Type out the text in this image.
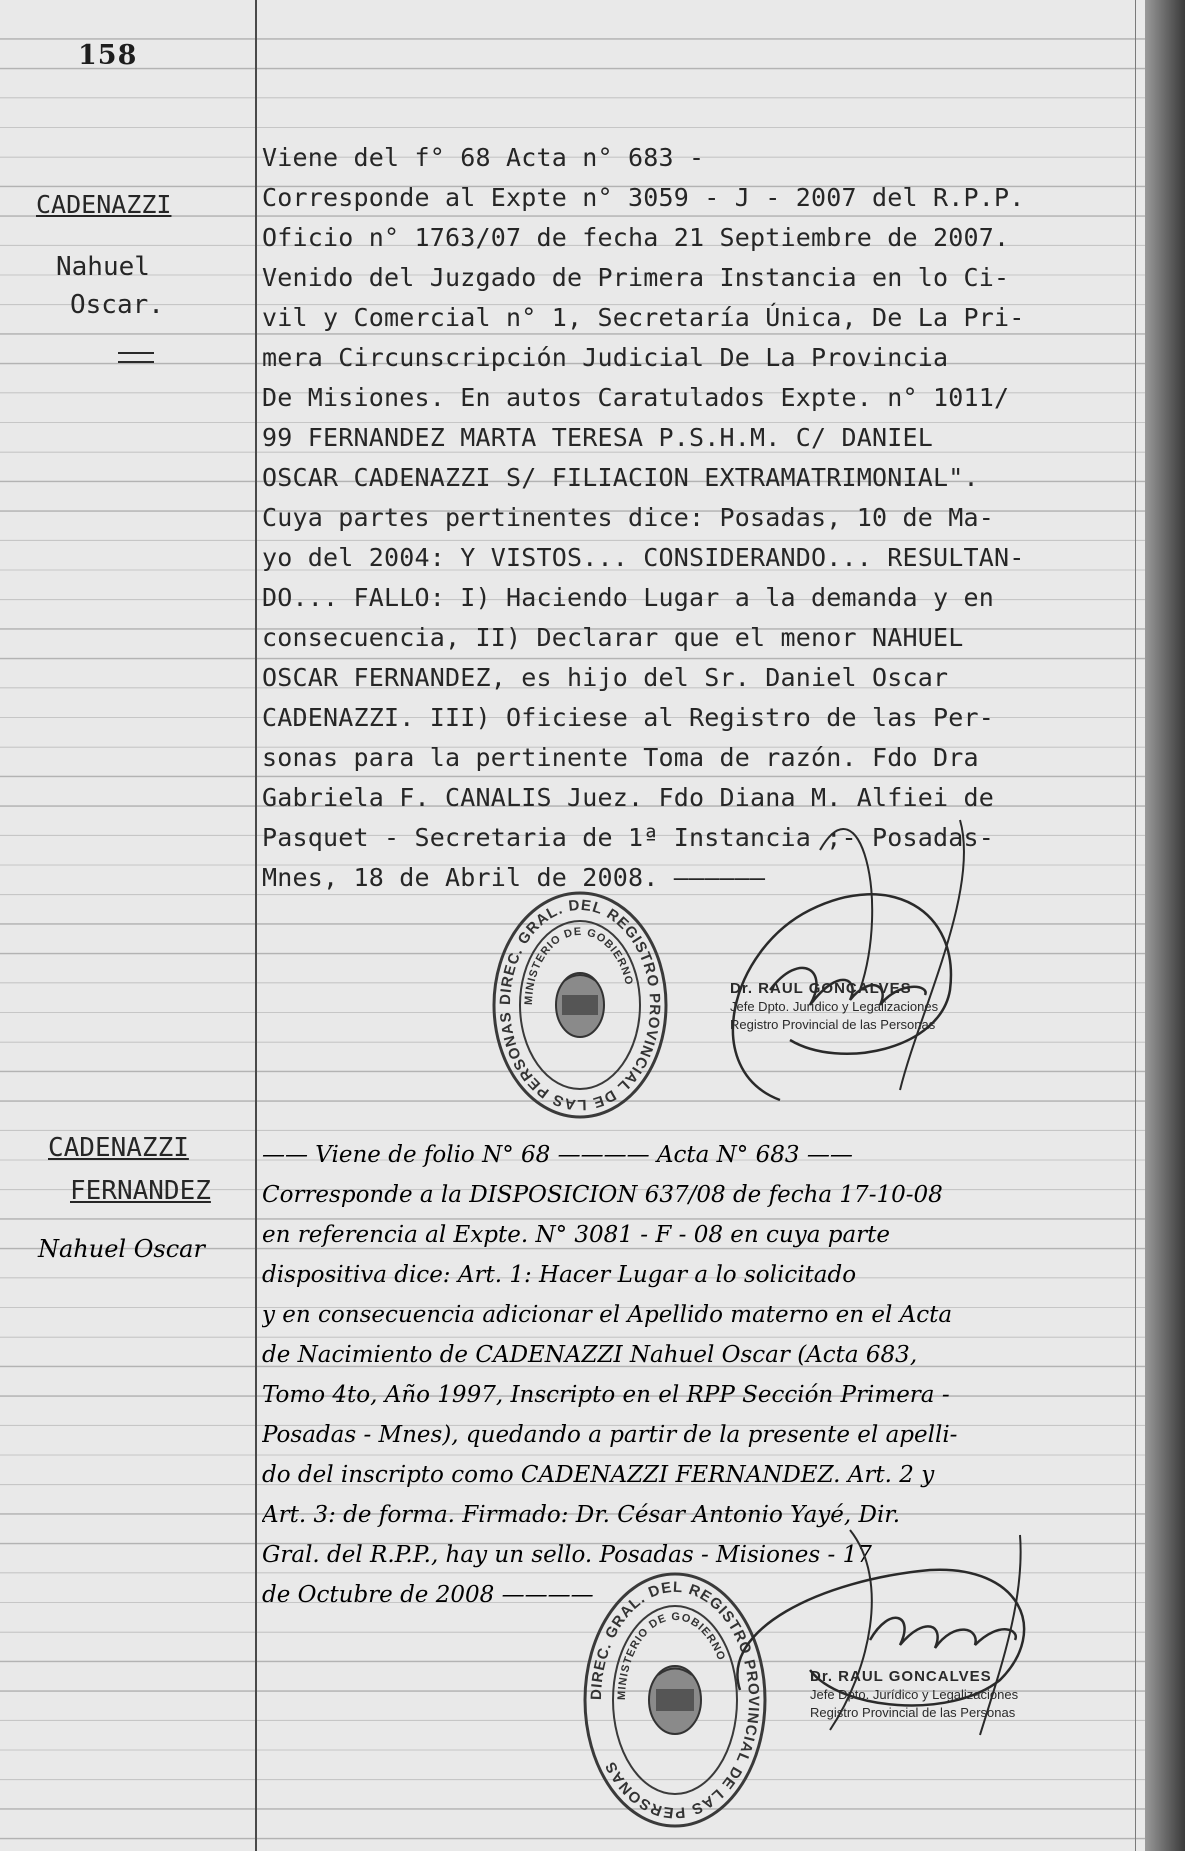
158
CADENAZZI
Nahuel
Oscar.
Viene del f° 68 Acta n° 683 -
Corresponde al Expte n° 3059 - J - 2007 del R.P.P.
Oficio n° 1763/07 de fecha 21 Septiembre de 2007.
Venido del Juzgado de Primera Instancia en lo Ci-
vil y Comercial n° 1, Secretaría Única, De La Pri-
mera Circunscripción Judicial De La Provincia
De Misiones. En autos Caratulados Expte. n° 1011/
99 FERNANDEZ MARTA TERESA P.S.H.M. C/ DANIEL
OSCAR CADENAZZI S/ FILIACION EXTRAMATRIMONIAL".
Cuya partes pertinentes dice: Posadas, 10 de Ma-
yo del 2004: Y VISTOS... CONSIDERANDO... RESULTAN-
DO... FALLO: I) Haciendo Lugar a la demanda y en
consecuencia, II) Declarar que el menor NAHUEL
OSCAR FERNANDEZ, es hijo del Sr. Daniel Oscar
CADENAZZI. III) Oficiese al Registro de las Per-
sonas para la pertinente Toma de razón. Fdo Dra
Gabriela F. CANALIS Juez. Fdo Diana M. Alfiei de
Pasquet - Secretaria de 1ª Instancia ;- Posadas-
Mnes, 18 de Abril de 2008. ——————
DIREC. GRAL. DEL REGISTRO PROVINCIAL DE LAS PERSONAS
MINISTERIO DE GOBIERNO	Dr. RAUL GONCALVES
Jefe Dpto. Jurídico y Legalizaciones
Registro Provincial de las Personas
CADENAZZI
FERNANDEZ
Nahuel Oscar
—— Viene de folio N° 68 ———— Acta N° 683 ——
Corresponde a la DISPOSICION 637/08 de fecha 17-10-08
en referencia al Expte. N° 3081 - F - 08 en cuya parte
dispositiva dice: Art. 1: Hacer Lugar a lo solicitado
y en consecuencia adicionar el Apellido materno en el Acta
de Nacimiento de CADENAZZI Nahuel Oscar (Acta 683,
Tomo 4to, Año 1997, Inscripto en el RPP Sección Primera -
Posadas - Mnes), quedando a partir de la presente el apelli-
do del inscripto como CADENAZZI FERNANDEZ. Art. 2 y
Art. 3: de forma. Firmado: Dr. César Antonio Yayé, Dir.
Gral. del R.P.P., hay un sello. Posadas - Misiones - 17
de Octubre de 2008 ————
DIREC. GRAL. DEL REGISTRO PROVINCIAL DE LAS PERSONAS
MINISTERIO DE GOBIERNO
Dr. RAUL GONCALVES
Jefe Dpto. Jurídico y Legalizaciones
Registro Provincial de las Personas
